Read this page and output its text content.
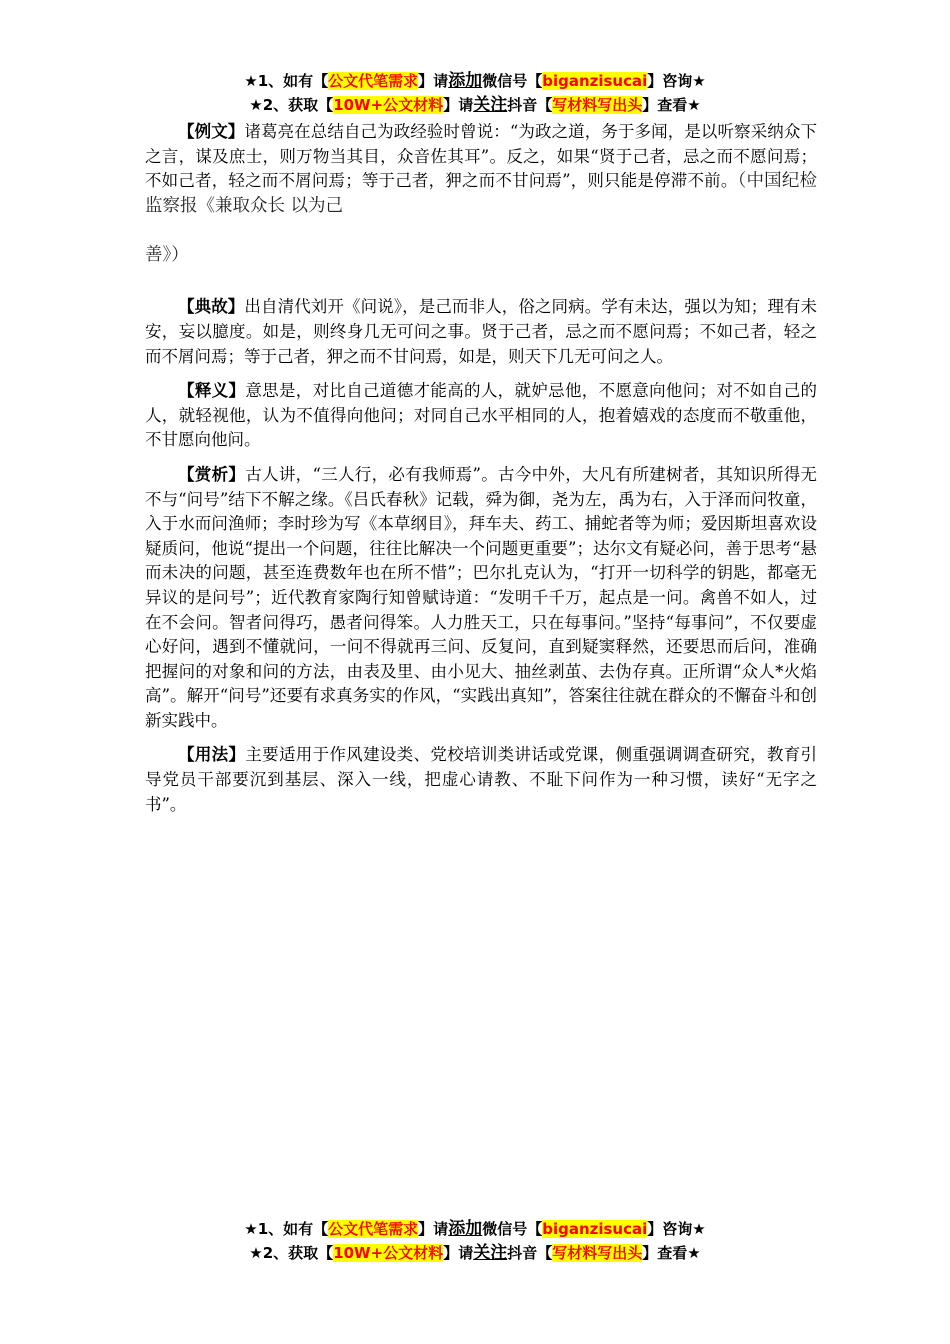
★1、如有【公文代笔需求】请添加微信号【biganzisucai】咨询★
★2、获取【10W+公文材料】请关注抖音【写材料写出头】查看★

【例文】诸葛亮在总结自己为政经验时曾说：“为政之道，务于多闻，是以听察采纳众下之言，谋及庶士，则万物当其目，众音佐其耳”。反之，如果“贤于己者，忌之而不愿问焉；不如己者，轻之而不屑问焉；等于己者，狎之而不甘问焉”，则只能是停滞不前。（中国纪检监察报《兼取众长 以为己

善》）

【典故】出自清代刘开《问说》，是己而非人，俗之同病。学有未达，强以为知；理有未安，妄以臆度。如是，则终身几无可问之事。贤于己者，忌之而不愿问焉；不如己者，轻之而不屑问焉；等于己者，狎之而不甘问焉，如是，则天下几无可问之人。

【释义】意思是，对比自己道德才能高的人，就妒忌他，不愿意向他问；对不如自己的人，就轻视他，认为不值得向他问；对同自己水平相同的人，抱着嬉戏的态度而不敬重他，不甘愿向他问。

【赏析】古人讲，“三人行，必有我师焉”。古今中外，大凡有所建树者，其知识所得无不与“问号”结下不解之缘。《吕氏春秋》记载，舜为御，尧为左，禹为右，入于泽而问牧童，入于水而问渔师；李时珍为写《本草纲目》，拜车夫、药工、捕蛇者等为师；爱因斯坦喜欢设疑质问，他说“提出一个问题，往往比解决一个问题更重要”；达尔文有疑必问，善于思考“悬而未决的问题，甚至连费数年也在所不惜”；巴尔扎克认为，“打开一切科学的钥匙，都毫无异议的是问号”；近代教育家陶行知曾赋诗道：“发明千千万，起点是一问。禽兽不如人，过在不会问。智者问得巧，愚者问得笨。人力胜天工，只在每事问。”坚持“每事问”，不仅要虚心好问，遇到不懂就问，一问不得就再三问、反复问，直到疑窦释然，还要思而后问，准确把握问的对象和问的方法，由表及里、由小见大、抽丝剥茧、去伪存真。正所谓“众人*火焰高”。解开“问号”还要有求真务实的作风，“实践出真知”，答案往往就在群众的不懈奋斗和创新实践中。

【用法】主要适用于作风建设类、党校培训类讲话或党课，侧重强调调查研究，教育引导党员干部要沉到基层、深入一线，把虚心请教、不耻下问作为一种习惯，读好“无字之书”。

★1、如有【公文代笔需求】请添加微信号【biganzisucai】咨询★
★2、获取【10W+公文材料】请关注抖音【写材料写出头】查看★
